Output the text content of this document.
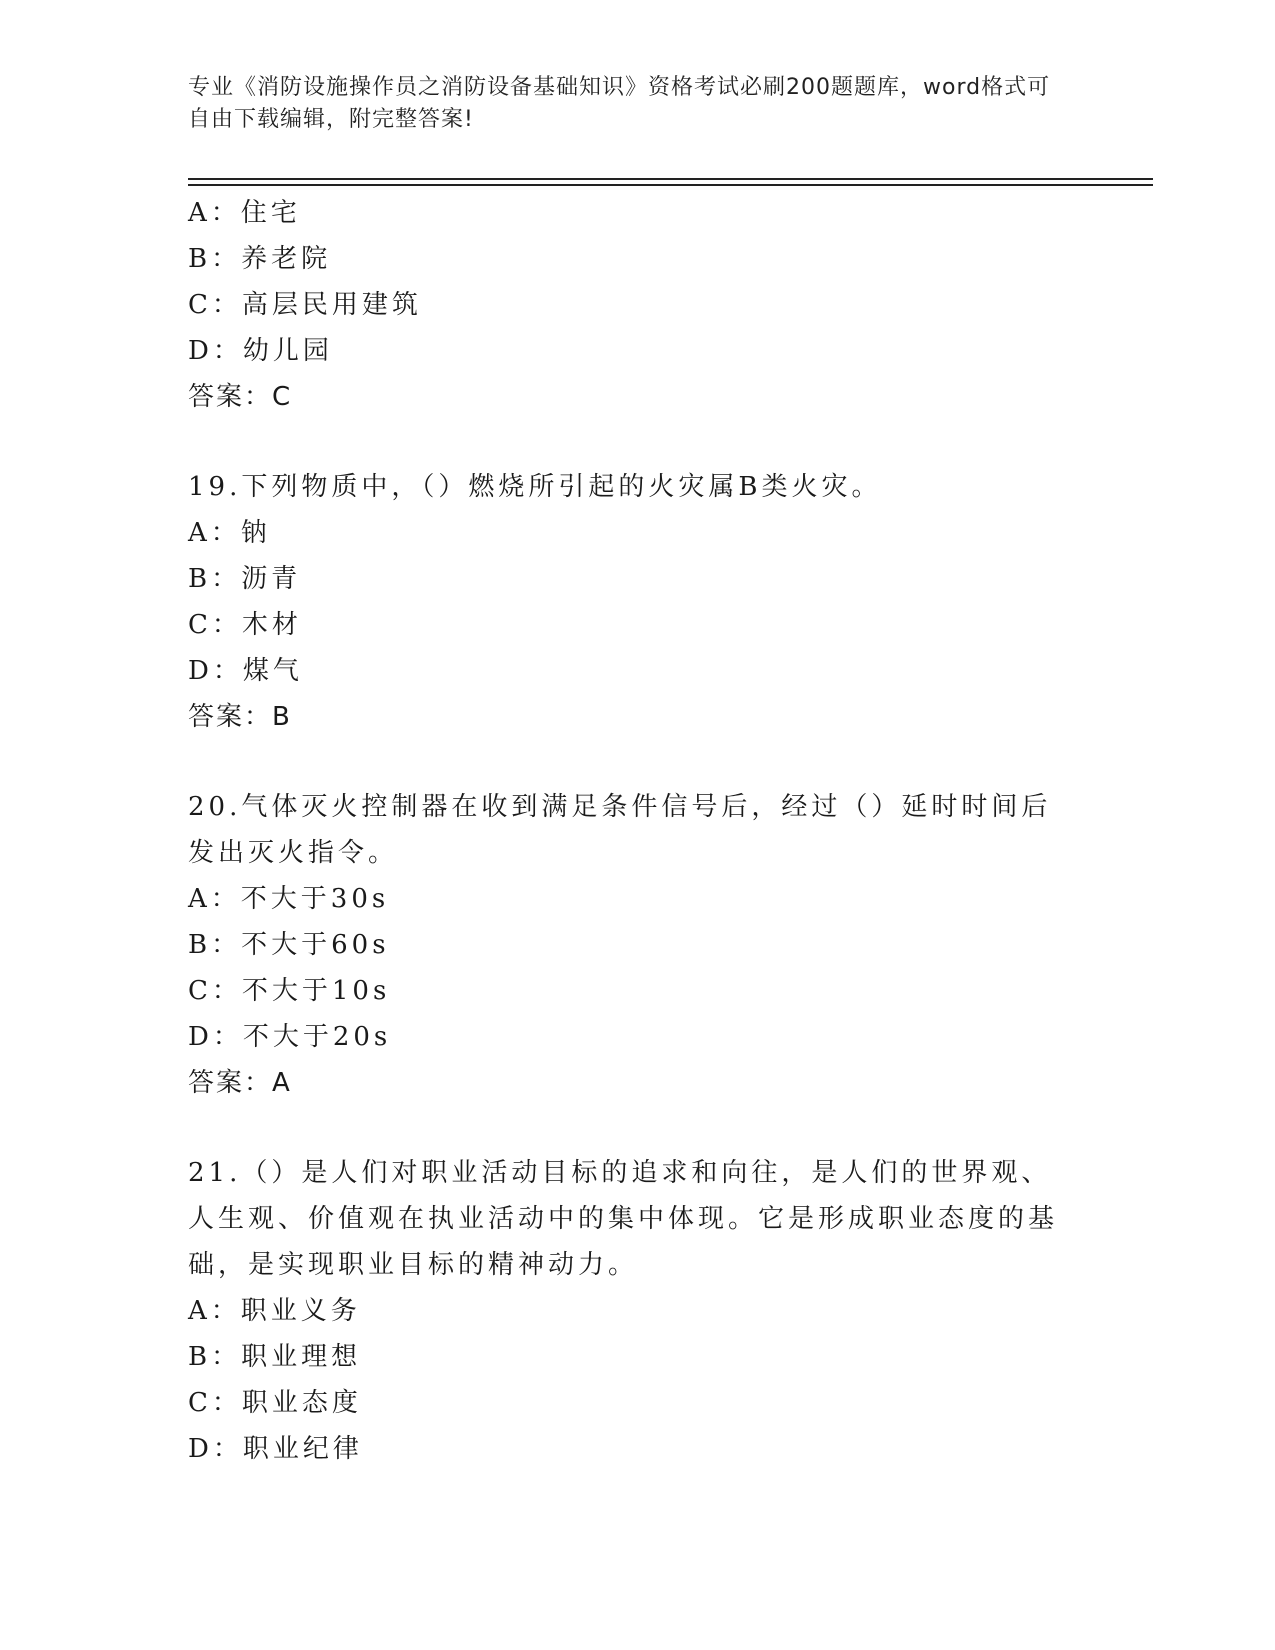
专业《消防设施操作员之消防设备基础知识》资格考试必刷200题题库，word格式可自由下载编辑，附完整答案!
A：住宅
B：养老院
C：高层民用建筑
D：幼儿园
答案：C
19.下列物质中，（）燃烧所引起的火灾属B类火灾。
A：钠
B：沥青
C：木材
D：煤气
答案：B
20.气体灭火控制器在收到满足条件信号后，经过（）延时时间后发出灭火指令。
A：不大于30s
B：不大于60s
C：不大于10s
D：不大于20s
答案：A
21.（）是人们对职业活动目标的追求和向往，是人们的世界观、人生观、价值观在执业活动中的集中体现。它是形成职业态度的基础，是实现职业目标的精神动力。
A：职业义务
B：职业理想
C：职业态度
D：职业纪律
